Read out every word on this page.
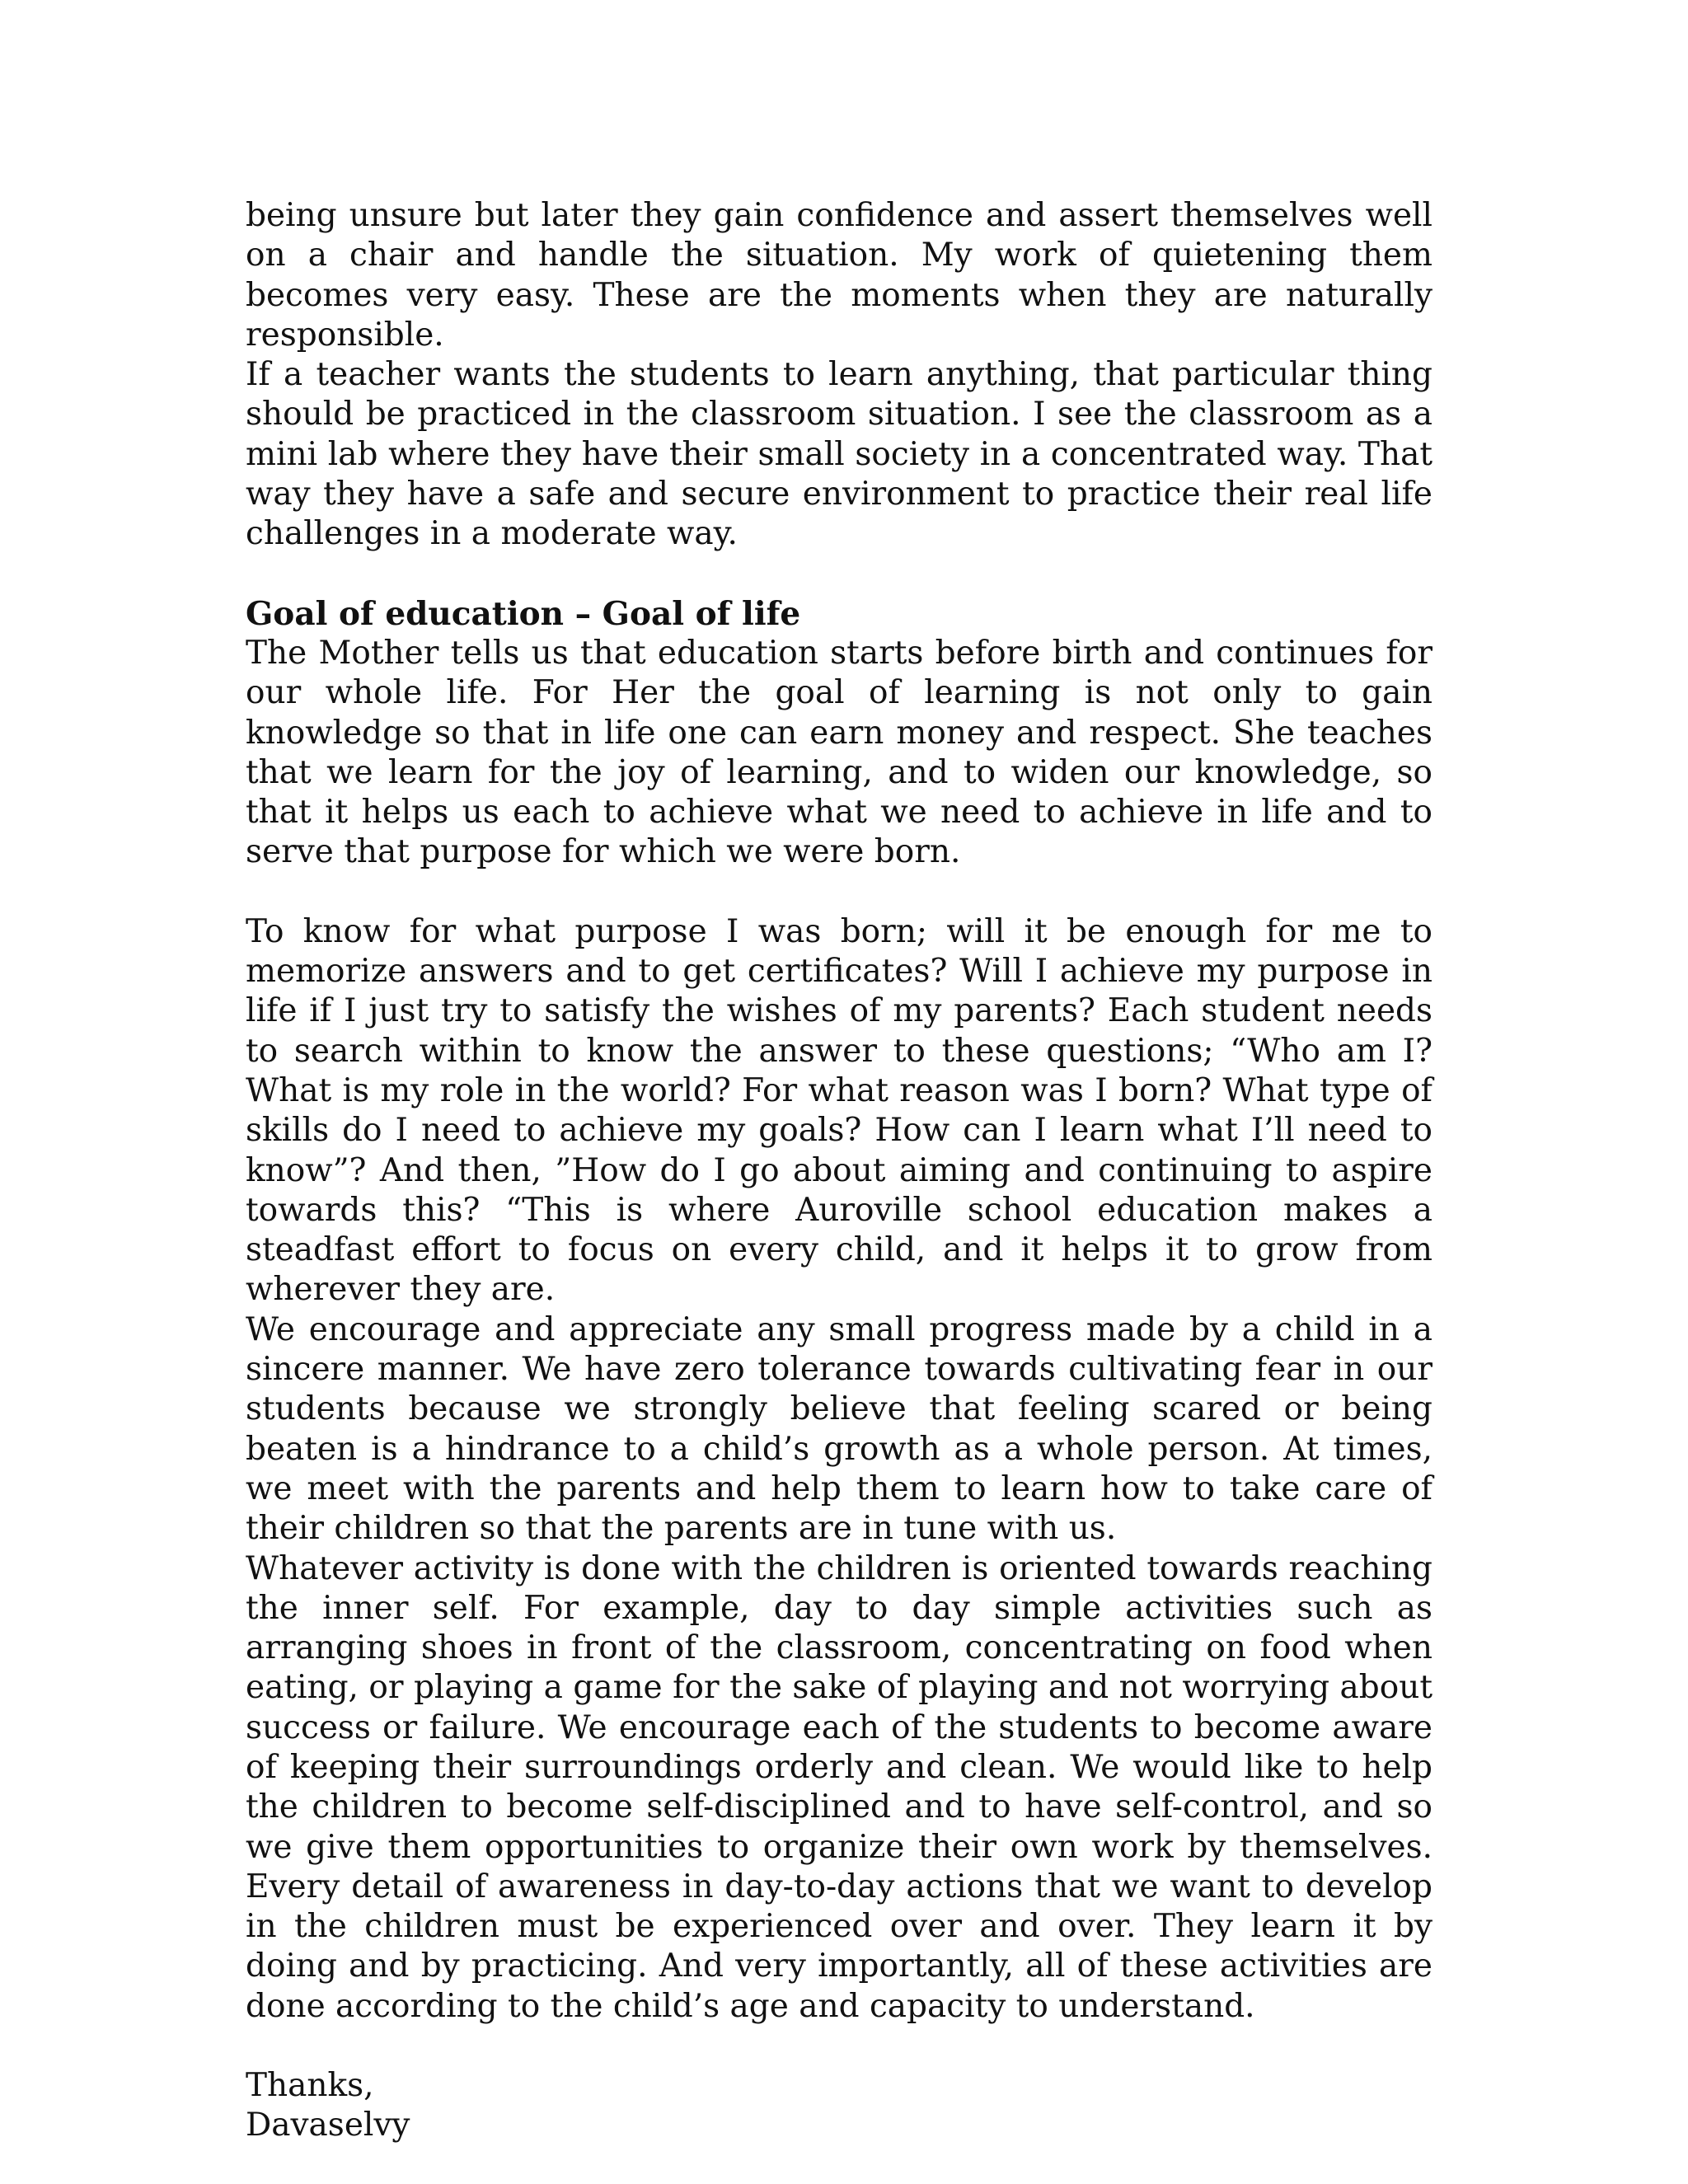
being unsure but later they gain confidence and assert themselves well on a chair and handle the situation. My work of quietening them becomes very easy. These are the moments when they are naturally responsible.

If a teacher wants the students to learn anything, that particular thing should be practiced in the classroom situation. I see the classroom as a mini lab where they have their small society in a concentrated way. That way they have a safe and secure environment to practice their real life challenges in a moderate way.

Goal of education – Goal of life

The Mother tells us that education starts before birth and continues for our whole life. For Her the goal of learning is not only to gain knowledge so that in life one can earn money and respect. She teaches that we learn for the joy of learning, and to widen our knowledge, so that it helps us each to achieve what we need to achieve in life and to serve that purpose for which we were born.

To know for what purpose I was born; will it be enough for me to memorize answers and to get certificates? Will I achieve my purpose in life if I just try to satisfy the wishes of my parents? Each student needs to search within to know the answer to these questions; “Who am I? What is my role in the world? For what reason was I born? What type of skills do I need to achieve my goals? How can I learn what I’ll need to know”? And then, ”How do I go about aiming and continuing to aspire towards this? “This is where Auroville school education makes a steadfast effort to focus on every child, and it helps it to grow from wherever they are.

We encourage and appreciate any small progress made by a child in a sincere manner. We have zero tolerance towards cultivating fear in our students because we strongly believe that feeling scared or being beaten is a hindrance to a child’s growth as a whole person. At times, we meet with the parents and help them to learn how to take care of their children so that the parents are in tune with us.

Whatever activity is done with the children is oriented towards reaching the inner self. For example, day to day simple activities such as arranging shoes in front of the classroom, concentrating on food when eating, or playing a game for the sake of playing and not worrying about success or failure. We encourage each of the students to become aware of keeping their surroundings orderly and clean. We would like to help the children to become self-disciplined and to have self-control, and so we give them opportunities to organize their own work by themselves. Every detail of awareness in day-to-day actions that we want to develop in the children must be experienced over and over. They learn it by doing and by practicing. And very importantly, all of these activities are done according to the child’s age and capacity to understand.

Thanks,

Davaselvy
